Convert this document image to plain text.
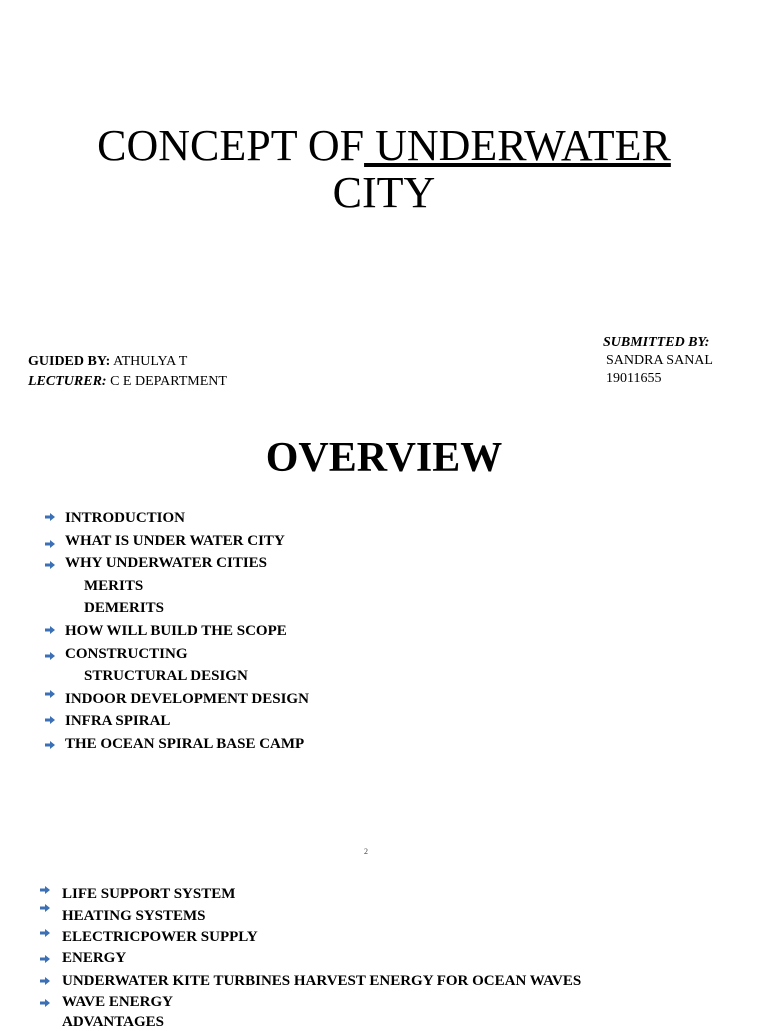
CONCEPT OF UNDERWATER
CITY
GUIDED BY: ATHULYA T
LECTURER: C E DEPARTMENT
SUBMITTED BY:
SANDRA SANAL
19011655
OVERVIEW
INTRODUCTION
WHAT IS UNDER WATER CITY
WHY UNDERWATER CITIES
MERITS
DEMERITS
HOW WILL BUILD THE SCOPE
CONSTRUCTING
STRUCTURAL DESIGN
INDOOR DEVELOPMENT DESIGN
INFRA SPIRAL
THE OCEAN SPIRAL BASE CAMP
2
LIFE SUPPORT SYSTEM
HEATING SYSTEMS
ELECTRICPOWER SUPPLY
ENERGY
UNDERWATER KITE TURBINES HARVEST ENERGY FOR OCEAN WAVES
WAVE ENERGY
ADVANTAGES
